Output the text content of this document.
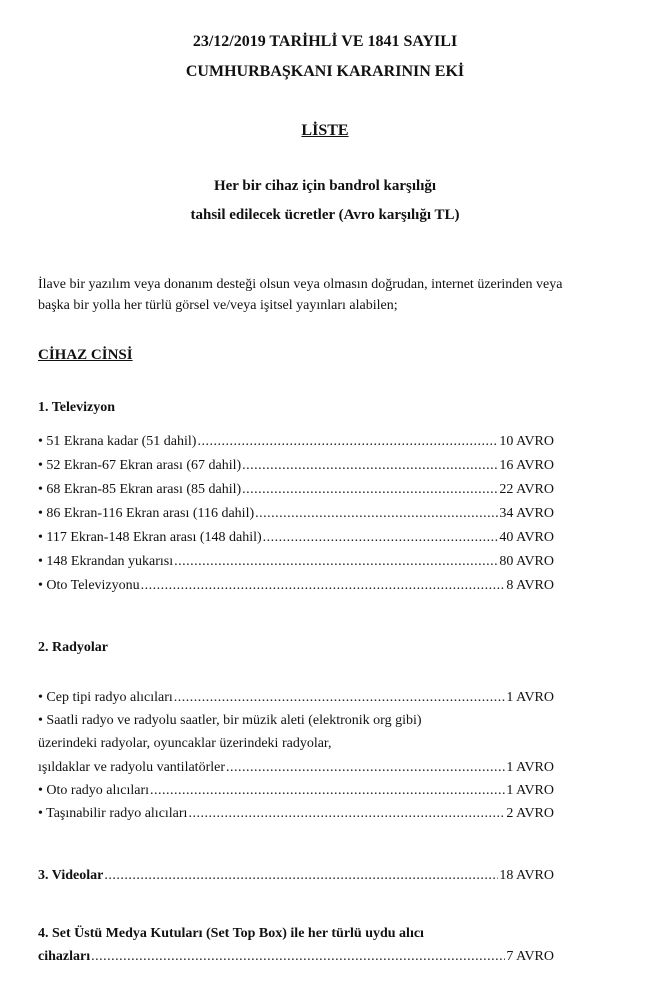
23/12/2019 TARİHLİ VE 1841 SAYILI
CUMHURBAŞKANI KARARININ EKİ
LİSTE
Her bir cihaz için bandrol karşılığı
tahsil edilecek ücretler (Avro karşılığı TL)
İlave bir yazılım veya donanım desteği olsun veya olmasın doğrudan, internet üzerinden veya
başka bir yolla her türlü görsel ve/veya işitsel yayınları alabilen;
CİHAZ CİNSİ
1. Televizyon
• 51 Ekrana kadar (51 dahil) .....	10 AVRO
• 52 Ekran-67 Ekran arası (67 dahil) .....	16 AVRO
• 68 Ekran-85 Ekran arası (85 dahil) .....	22 AVRO
• 86 Ekran-116 Ekran arası (116 dahil) .....	34 AVRO
• 117 Ekran-148 Ekran arası (148 dahil) .....	40 AVRO
• 148 Ekrandan yukarısı .....	80 AVRO
• Oto Televizyonu .....	8 AVRO
2. Radyolar
• Cep tipi radyo alıcıları .....	1 AVRO
• Saatli radyo ve radyolu saatler, bir müzik aleti (elektronik org gibi)
üzerindeki radyolar, oyuncaklar üzerindeki radyolar,
ışıldaklar ve radyolu vantilatörler .....	1 AVRO
• Oto radyo alıcıları .....	1 AVRO
• Taşınabilir radyo alıcıları .....	2 AVRO
3. Videolar .....	18 AVRO
4. Set Üstü Medya Kutuları (Set Top Box) ile her türlü uydu alıcı
cihazları .....	7 AVRO
